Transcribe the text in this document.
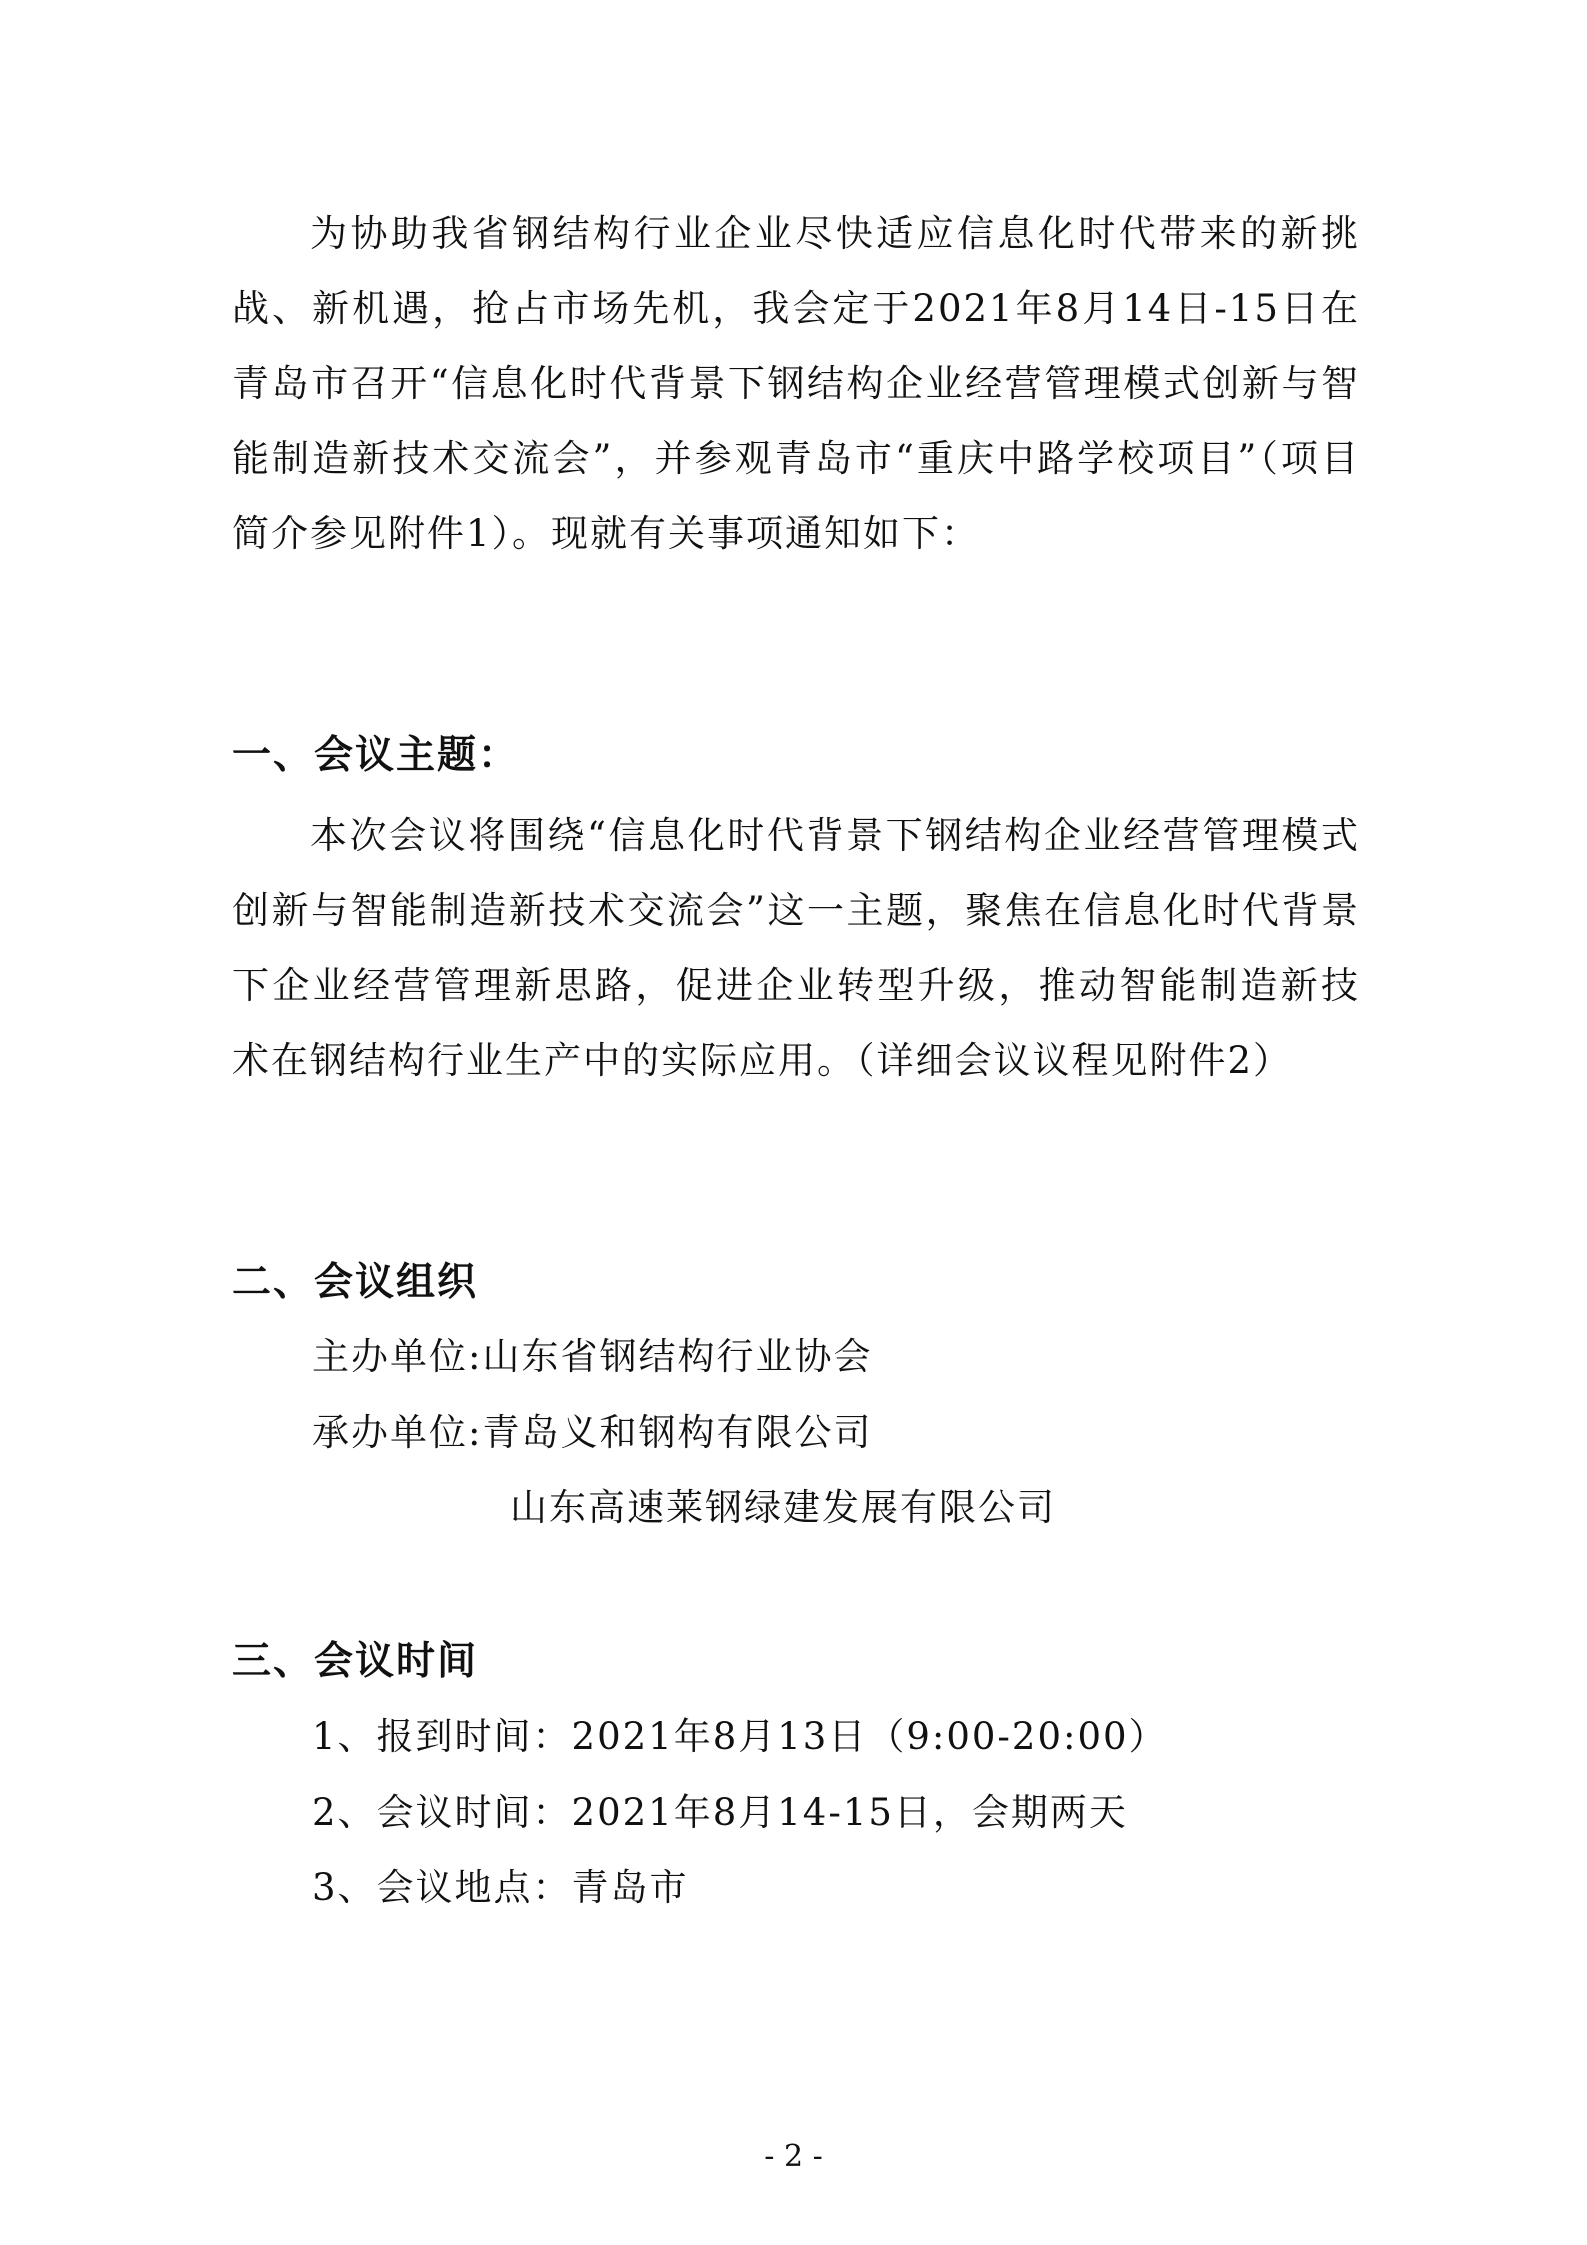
为协助我省钢结构行业企业尽快适应信息化时代带来的新挑战、新机遇，抢占市场先机，我会定于2021年8月14日-15日在青岛市召开“信息化时代背景下钢结构企业经营管理模式创新与智能制造新技术交流会”，并参观青岛市“重庆中路学校项目”（项目简介参见附件1）。现就有关事项通知如下：

一、会议主题：

本次会议将围绕“信息化时代背景下钢结构企业经营管理模式创新与智能制造新技术交流会”这一主题，聚焦在信息化时代背景下企业经营管理新思路，促进企业转型升级，推动智能制造新技术在钢结构行业生产中的实际应用。（详细会议议程见附件2）

二、会议组织

主办单位:山东省钢结构行业协会

承办单位:青岛义和钢构有限公司

山东高速莱钢绿建发展有限公司

三、会议时间

1、报到时间：2021年8月13日（9:00-20:00）

2、会议时间：2021年8月14-15日，会期两天

3、会议地点：青岛市

- 2 -
